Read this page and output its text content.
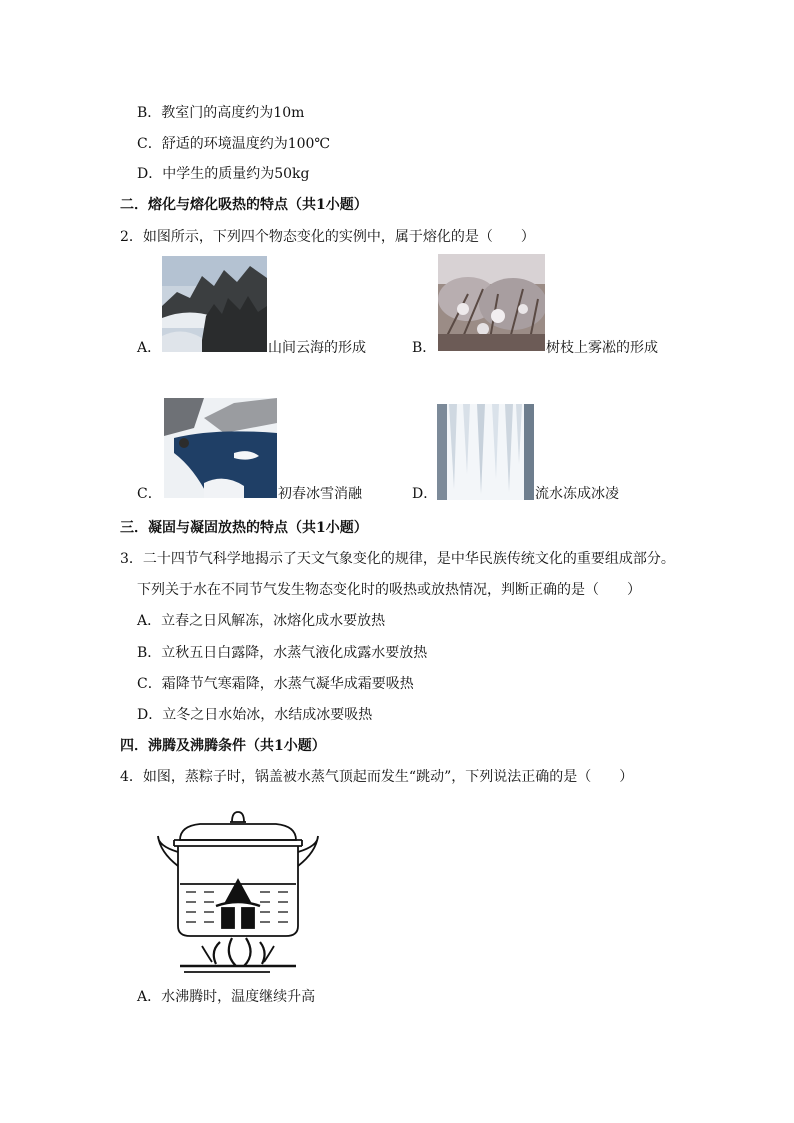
B．教室门的高度约为10m
C．舒适的环境温度约为100℃
D．中学生的质量约为50kg
二．熔化与熔化吸热的特点（共1小题）
2．如图所示，下列四个物态变化的实例中，属于熔化的是（　　）
A．	山间云海的形成	B．	树枝上雾凇的形成
C．	初春冰雪消融	D．	流水冻成冰凌
三．凝固与凝固放热的特点（共1小题）
3．二十四节气科学地揭示了天文气象变化的规律，是中华民族传统文化的重要组成部分。
下列关于水在不同节气发生物态变化时的吸热或放热情况，判断正确的是（　　）
A．立春之日风解冻，冰熔化成水要放热
B．立秋五日白露降，水蒸气液化成露水要放热
C．霜降节气寒霜降，水蒸气凝华成霜要吸热
D．立冬之日水始冰，水结成冰要吸热
四．沸腾及沸腾条件（共1小题）
4．如图，蒸粽子时，锅盖被水蒸气顶起而发生“跳动”，下列说法正确的是（　　）
A．水沸腾时，温度继续升高
